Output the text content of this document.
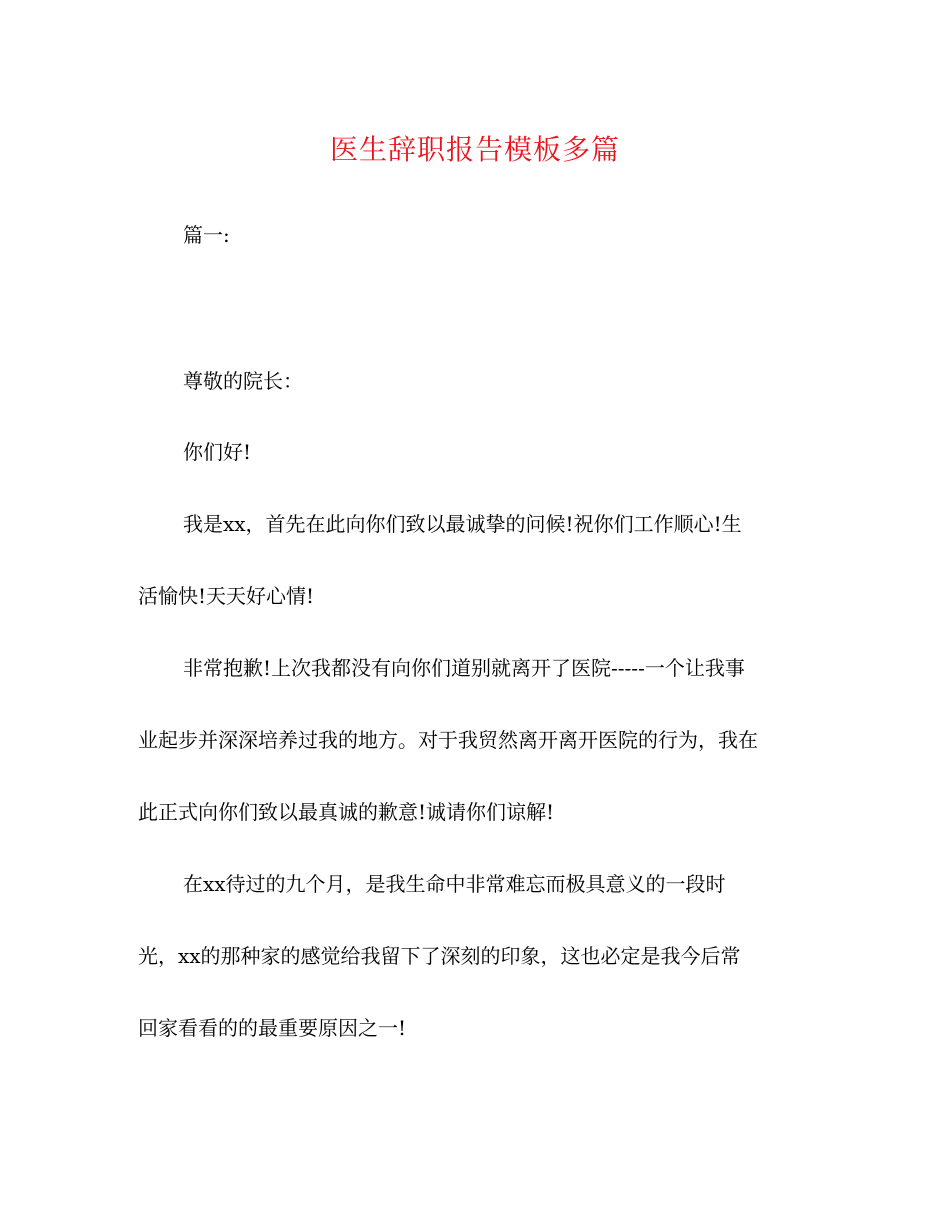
医生辞职报告模板多篇
篇一:
尊敬的院长：
你们好!
我是xx，首先在此向你们致以最诚挚的问候!祝你们工作顺心!生
活愉快!天天好心情!
非常抱歉!上次我都没有向你们道别就离开了医院-----一个让我事
业起步并深深培养过我的地方。对于我贸然离开离开医院的行为，我在
此正式向你们致以最真诚的歉意!诚请你们谅解!
在xx待过的九个月，是我生命中非常难忘而极具意义的一段时
光，xx的那种家的感觉给我留下了深刻的印象，这也必定是我今后常
回家看看的的最重要原因之一!
